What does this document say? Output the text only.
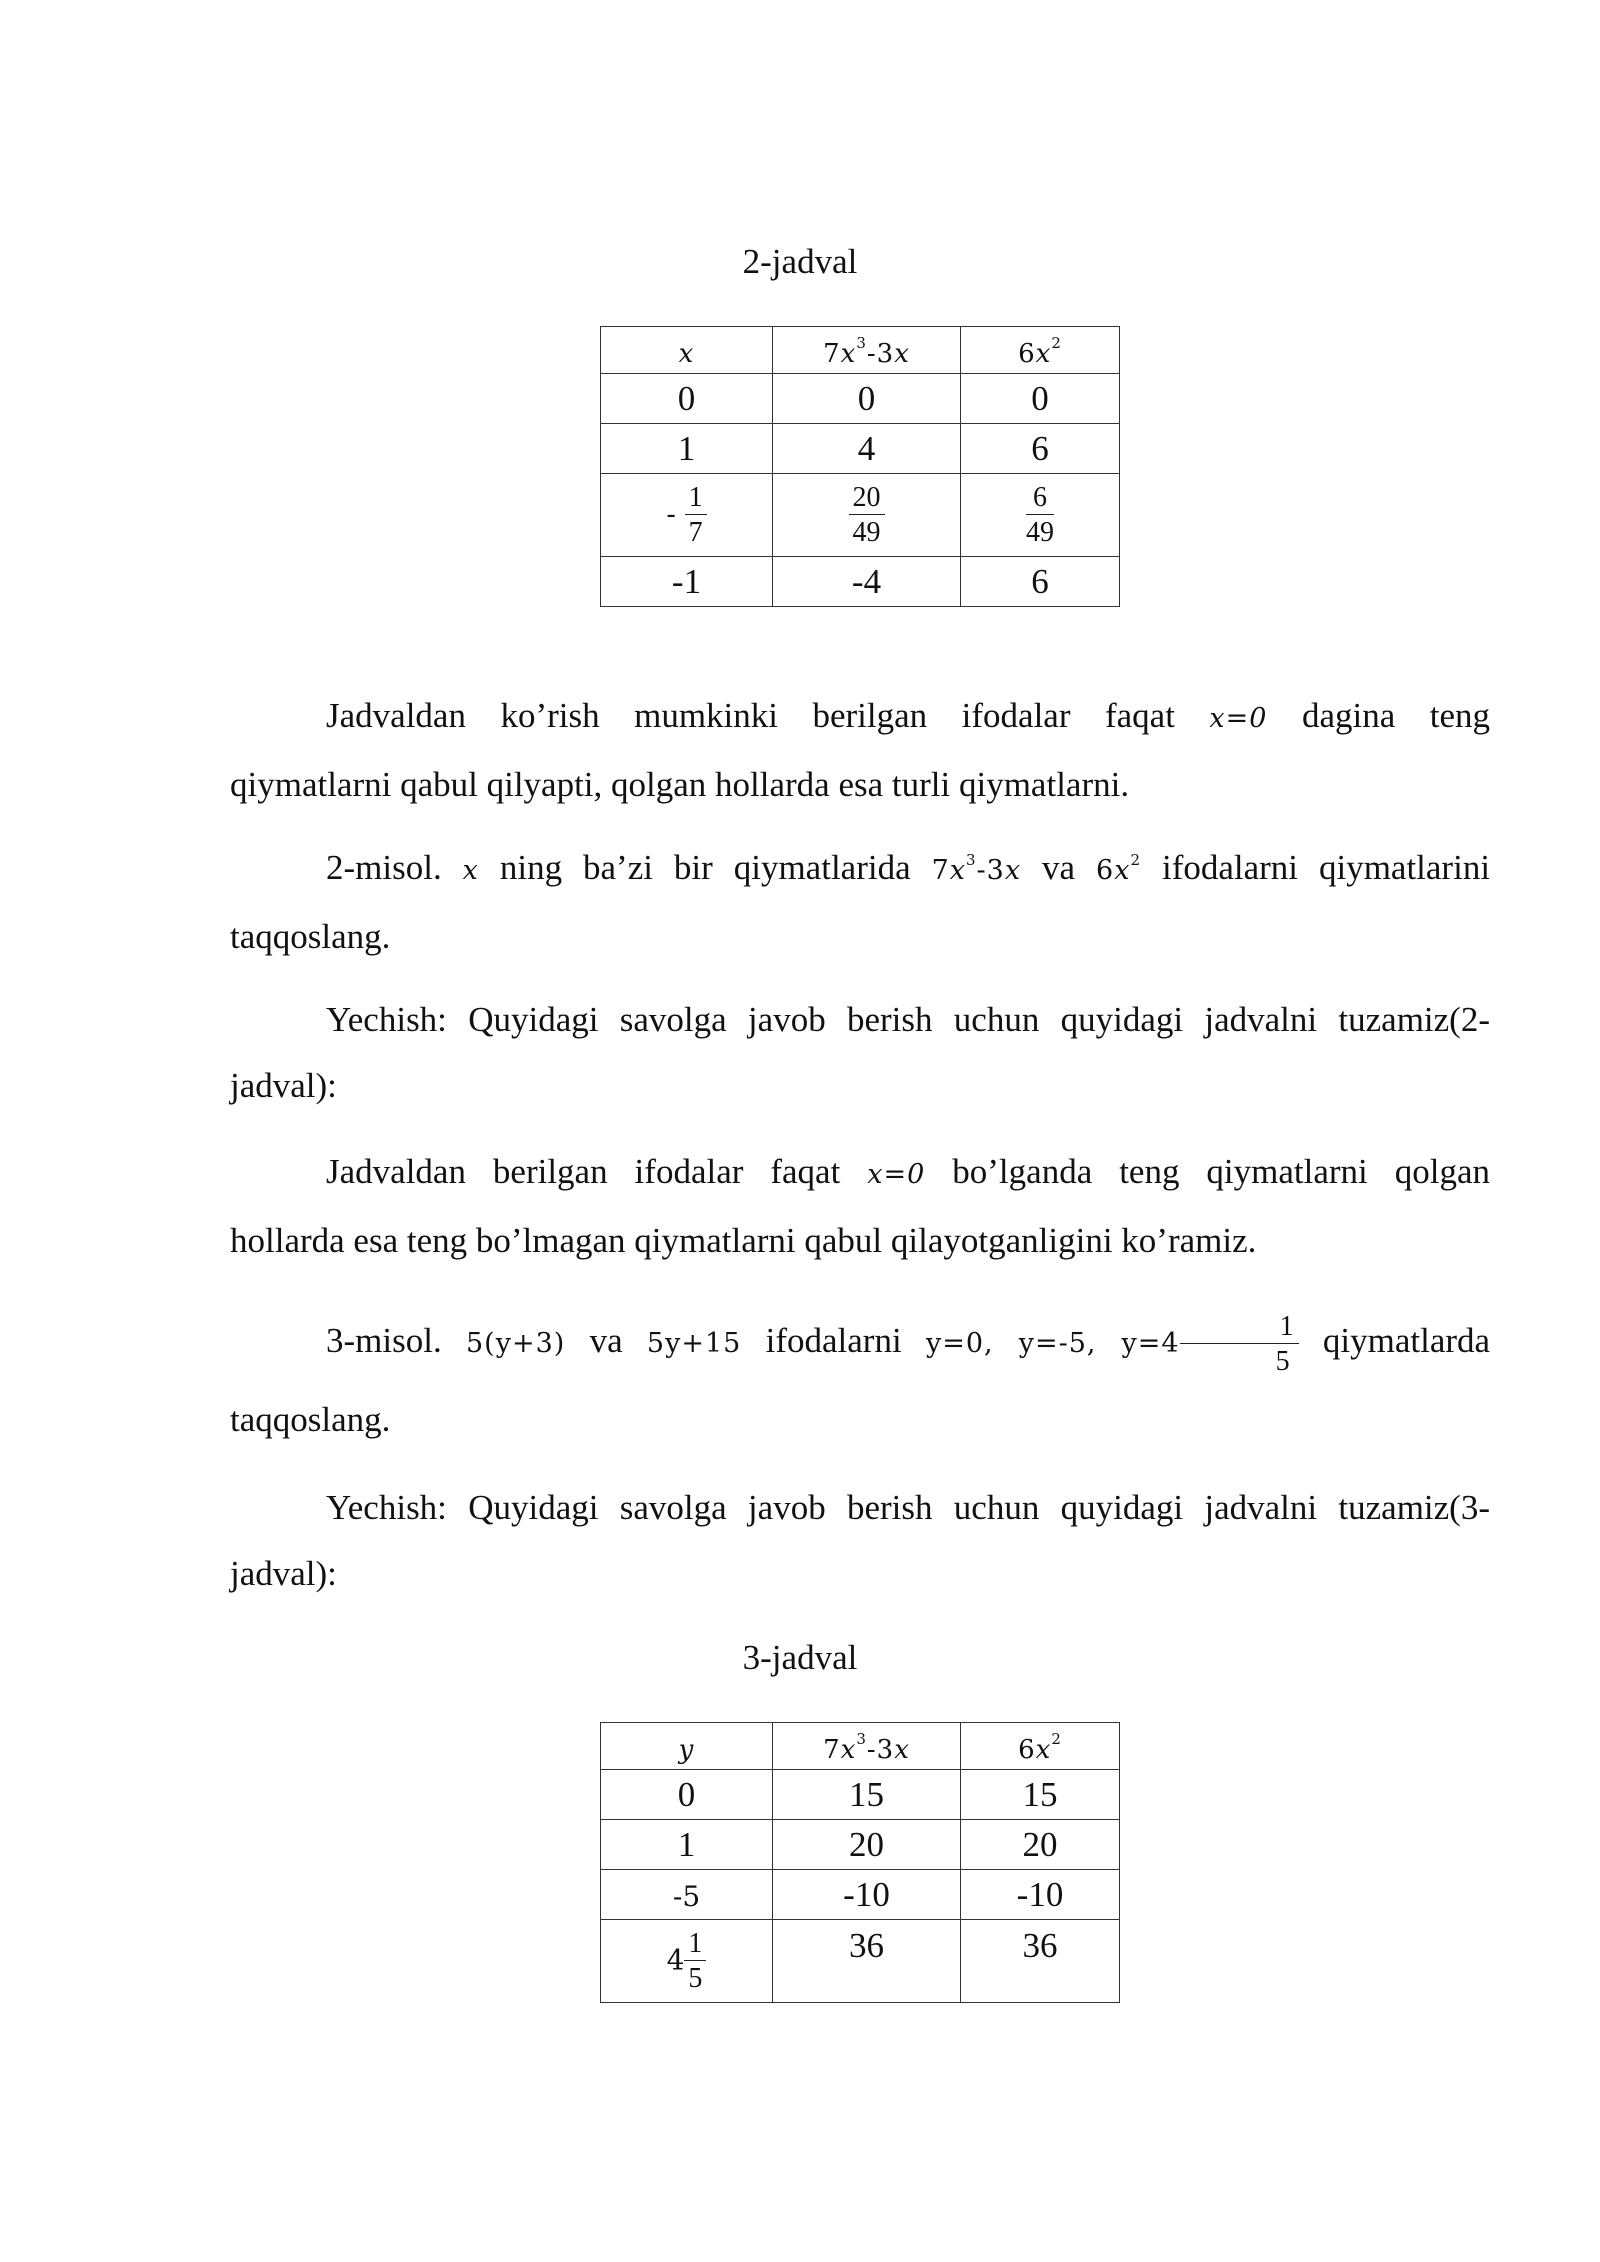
2-jadval
x	$7x^3-3x$	$6x^2$
0	0	0
1	4	6
- $\frac{1}{7}$	$\frac{20}{49}$	$\frac{6}{49}$

-1	-4	6
Jadvaldan ko’rish mumkinki berilgan ifodalar faqat x=0 dagina teng
qiymatlarni qabul qilyapti, qolgan hollarda esa turli qiymatlarni.
2-misol. x ning ba’zi bir qiymatlarida $7x^3-3x$ va $6x^2$ ifodalarni qiymatlarini
taqqoslang.
Yechish: Quyidagi savolga javob berish uchun quyidagi jadvalni tuzamiz(2-
jadval):
Jadvaldan berilgan ifodalar faqat x=0 bo’lganda teng qiymatlarni qolgan
hollarda esa teng bo’lmagan qiymatlarni qabul qilayotganligini ko’ramiz.
3-misol. 5(y+3) va 5y+15 ifodalarni y=0, y=-5, $y=4 \frac{1}{5}$ qiymatlarda
taqqoslang.
Yechish: Quyidagi savolga javob berish uchun quyidagi jadvalni tuzamiz(3-
jadval):
3-jadval
y	$7x^3-3x$	$6x^2$
0	15	15
1	20	20
-5	-10	-10
$4 \frac{1}{5}$	36	36
